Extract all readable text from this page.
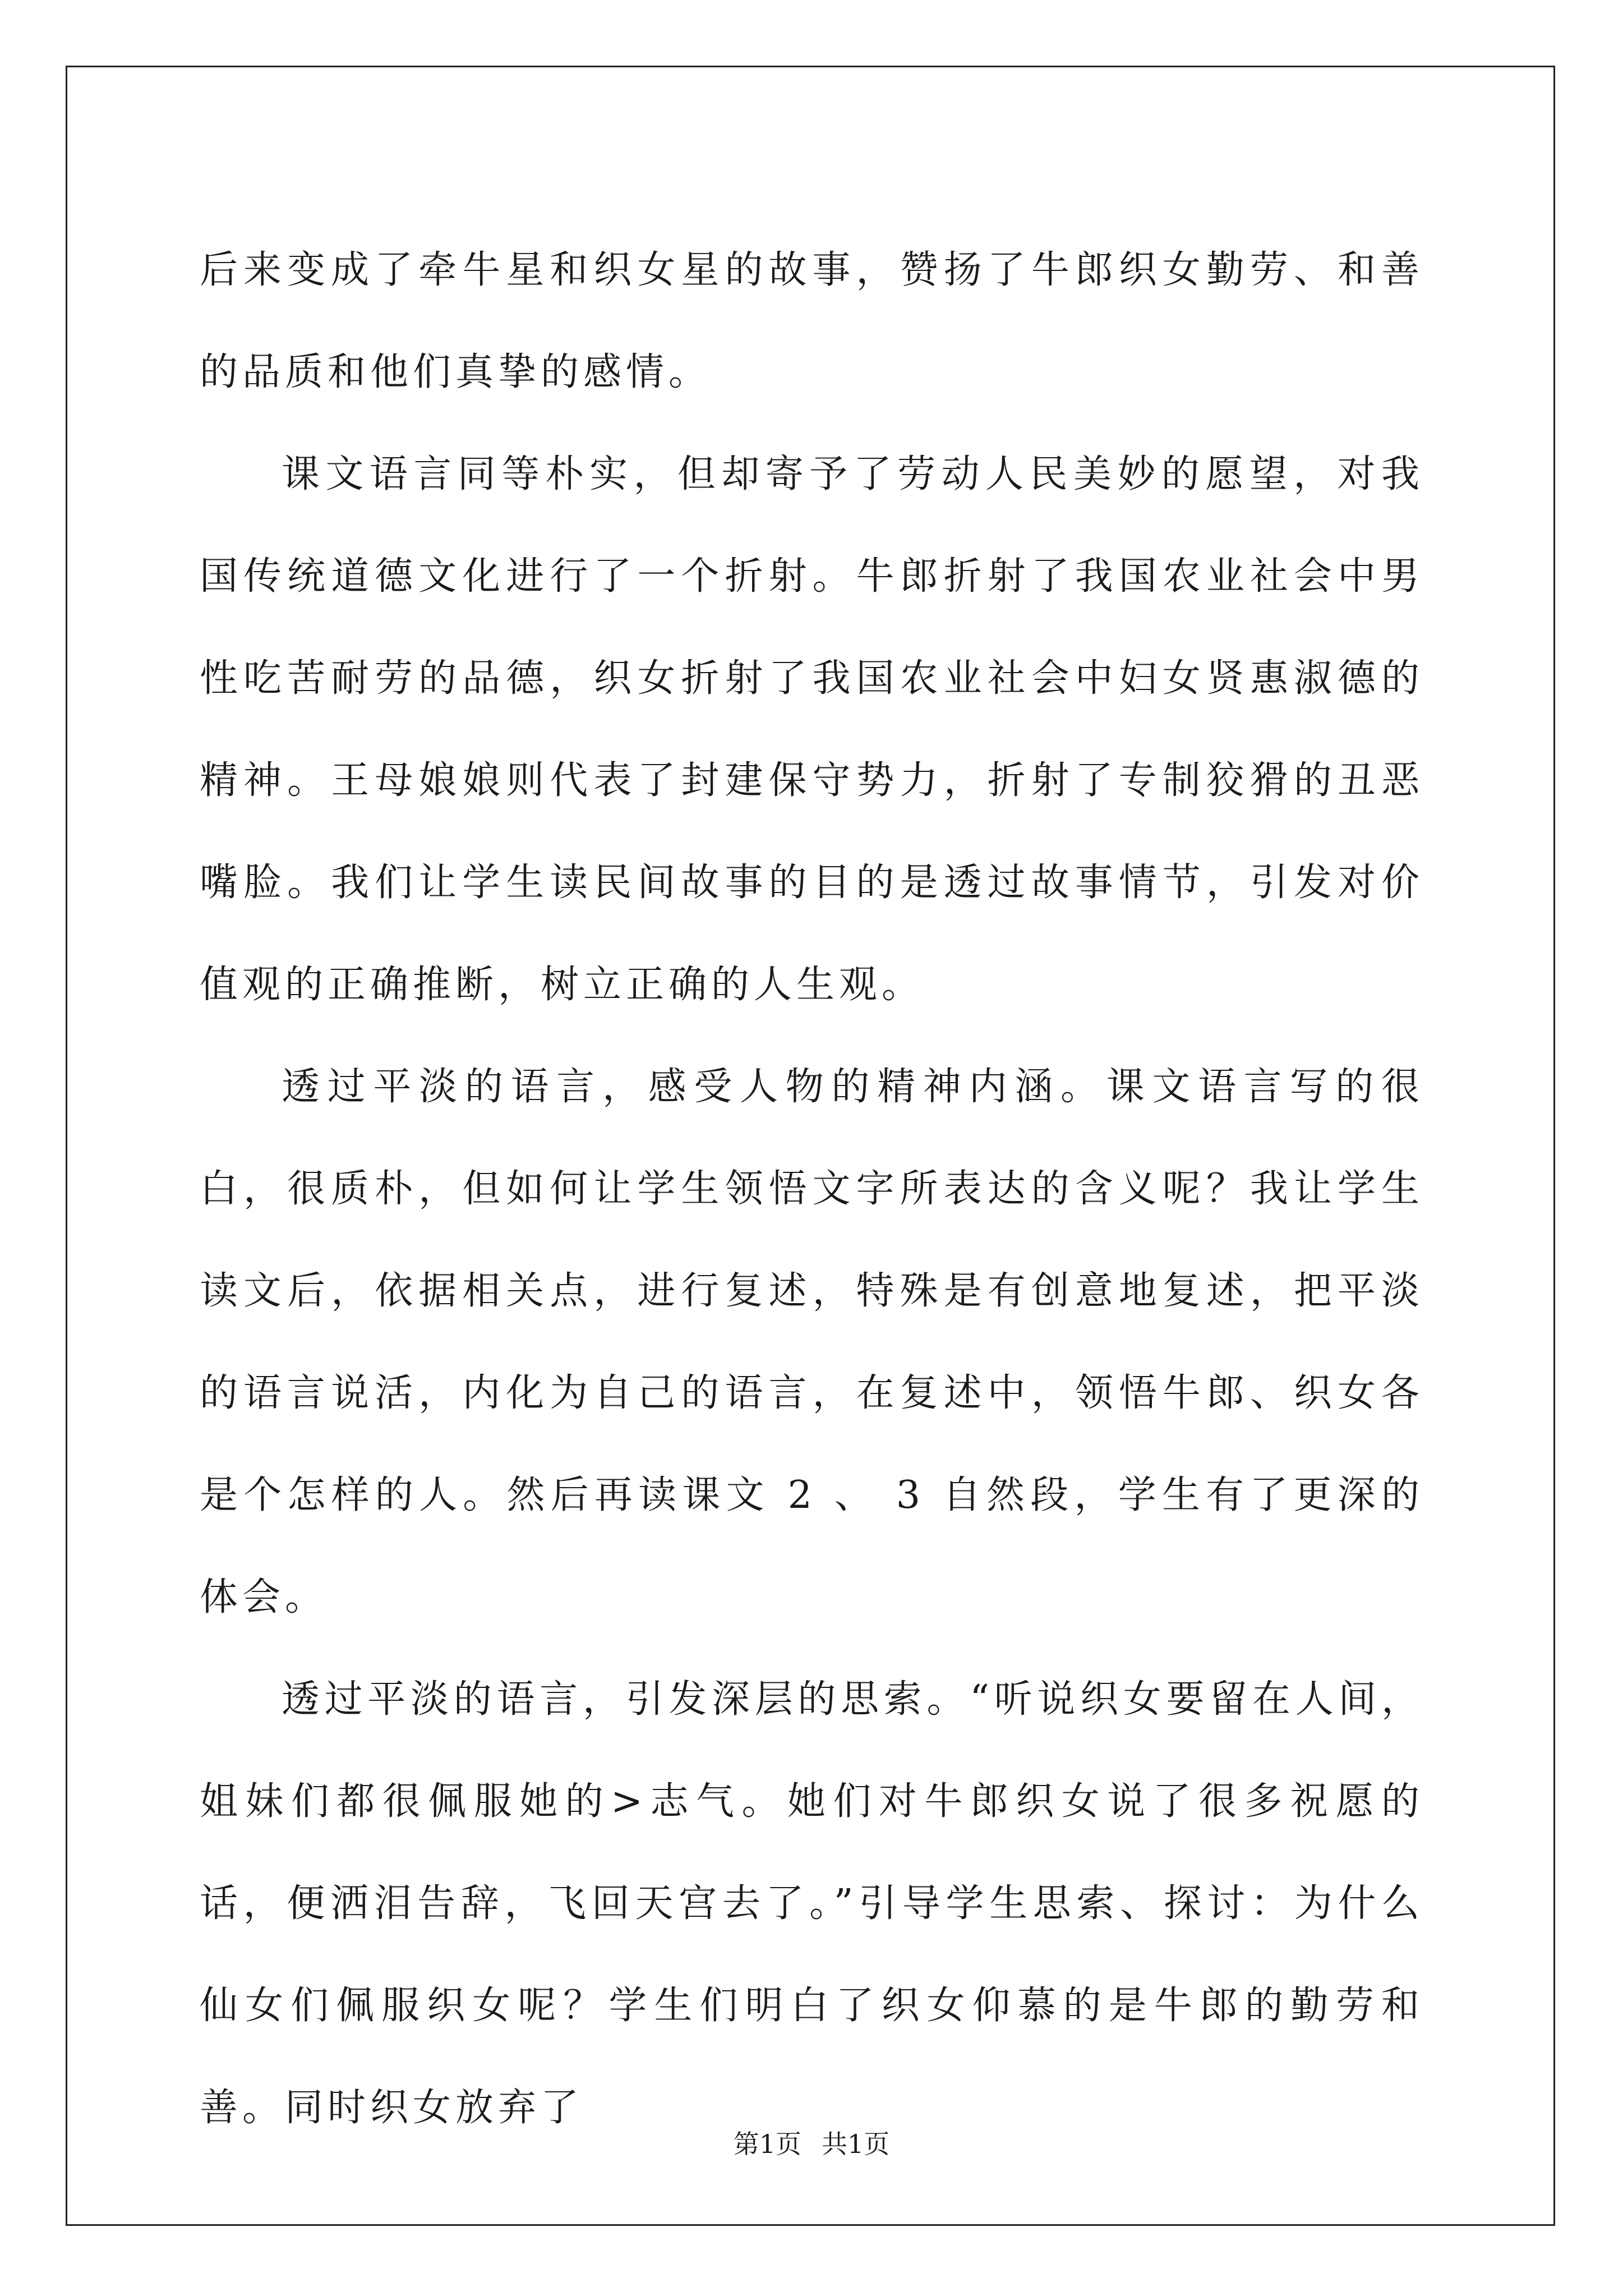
后来变成了牵牛星和织女星的故事，赞扬了牛郎织女勤劳、和善的品质和他们真挚的感情。

课文语言同等朴实，但却寄予了劳动人民美妙的愿望，对我国传统道德文化进行了一个折射。牛郎折射了我国农业社会中男性吃苦耐劳的品德，织女折射了我国农业社会中妇女贤惠淑德的精神。王母娘娘则代表了封建保守势力，折射了专制狡猾的丑恶嘴脸。我们让学生读民间故事的目的是透过故事情节，引发对价值观的正确推断，树立正确的人生观。

透过平淡的语言，感受人物的精神内涵。课文语言写的很白，很质朴，但如何让学生领悟文字所表达的含义呢？我让学生读文后，依据相关点，进行复述，特殊是有创意地复述，把平淡的语言说活，内化为自己的语言，在复述中，领悟牛郎、织女各是个怎样的人。然后再读课文 2 、 3 自然段，学生有了更深的体会。

透过平淡的语言，引发深层的思索。“听说织女要留在人间，姐妹们都很佩服她的>志气。她们对牛郎织女说了很多祝愿的话，便洒泪告辞，飞回天宫去了。”引导学生思索、探讨：为什么仙女们佩服织女呢？学生们明白了织女仰慕的是牛郎的勤劳和善。同时织女放弃了

第1页 共1页
